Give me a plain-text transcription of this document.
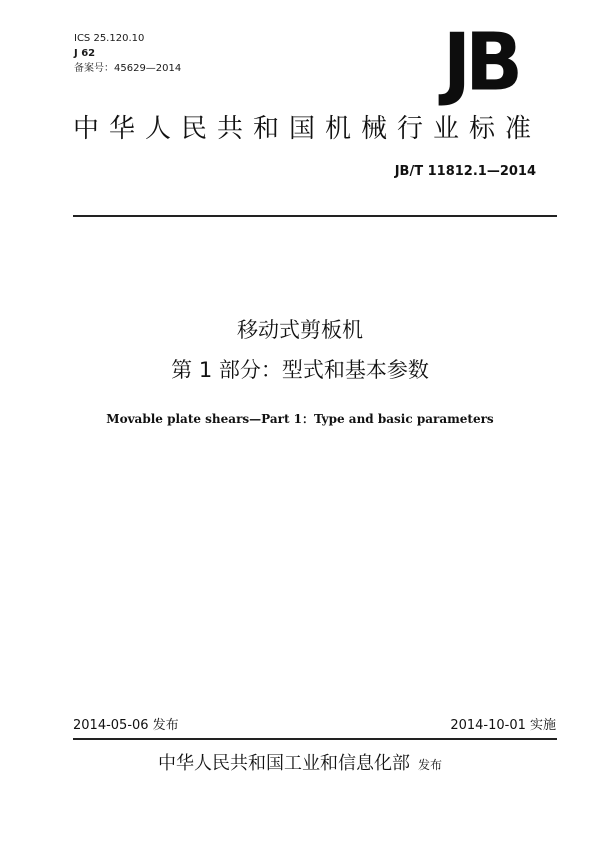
ICS 25.120.10
J 62
备案号：45629—2014	JB
中华人民共和国机械行业标准
JB/T 11812.1—2014
移动式剪板机
第 1 部分：型式和基本参数
Movable plate shears—Part 1：Type and basic parameters
2014-05-06 发布	2014-10-01 实施
中华人民共和国工业和信息化部 发布
